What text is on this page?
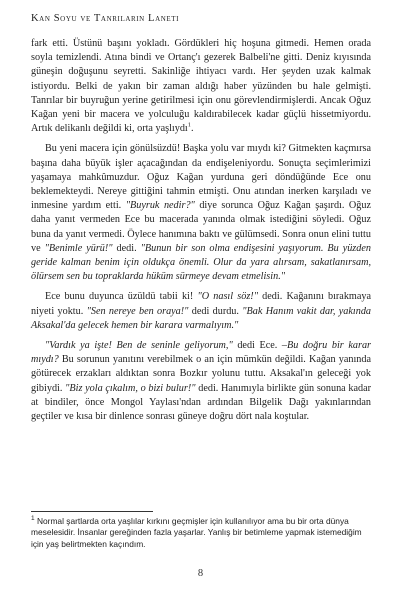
Kan Soyu ve Tanrıların Laneti

fark etti. Üstünü başını yokladı. Gördükleri hiç hoşuna gitmedi. Hemen orada soyla temizlendi. Atına bindi ve Ortanç'ı gezerek Balbeli'ne gitti. Deniz kıyısında güneşin doğuşunu seyretti. Sakinliğe ihtiyacı vardı. Her şeyden uzak kalmak istiyordu. Belki de yakın bir zaman aldığı haber yüzünden bu hale gelmişti. Tanrılar bir buyruğun yerine getirilmesi için onu görevlendirmişlerdi. Ancak Oğuz Kağan yeni bir macera ve yolculuğu kaldırabilecek kadar güçlü hissetmiyordu. Artık delikanlı değildi ki, orta yaşlıydı$^1$.

Bu yeni macera için gönülsüzdü! Başka yolu var mıydı ki? Gitmekten kaçmırsa başına daha büyük işler açacağından da endişeleniyordu. Sonuçta seçimlerimizi yaşamaya mahkûmuzdur. Oğuz Kağan yurduna geri döndüğünde Ece onu beklemekteydi. Nereye gittiğini tahmin etmişti. Onu atından inerken karşıladı ve inmesine yardım etti. "Buyruk nedir?" diye sorunca Oğuz Kağan şaşırdı. Oğuz daha yanıt vermeden Ece bu macerada yanında olmak istediğini söyledi. Oğuz buna da yanıt vermedi. Öylece hanımına baktı ve gülümsedi. Sonra onun elini tuttu ve "Benimle yürü!" dedi. "Bunun bir son olma endişesini yaşıyorum. Bu yüzden geride kalman benim için oldukça önemli. Olur da yara alırsam, sakatlanırsam, ölürsem sen bu topraklarda hüküm sürmeye devam etmelisin."

Ece bunu duyunca üzüldü tabii ki! "O nasıl söz!" dedi. Kağanını bırakmaya niyeti yoktu. "Sen nereye ben oraya!" dedi durdu. "Bak Hanım vakit dar, yakında Aksakal'da gelecek hemen bir karara varmalıyım."

"Vardık ya işte! Ben de seninle geliyorum," dedi Ece. –Bu doğru bir karar mıydı? Bu sorunun yanıtını verebilmek o an için mümkün değildi. Kağan yanında götürecek erzakları aldıktan sonra Bozkır yolunu tuttu. Aksakal'ın geleceği yok gibiydi. "Biz yola çıkalım, o bizi bulur!" dedi. Hanımıyla birlikte gün sonuna kadar at bindiler, önce Mongol Yaylası'ndan ardından Bilgelik Dağı yakınlarından geçtiler ve kısa bir dinlence sonrası güneye doğru dört nala koştular.

$^1$ Normal şartlarda orta yaşlılar kırkını geçmişler için kullanılıyor ama bu bir orta dünya meselesidir. İnsanlar gereğinden fazla yaşarlar. Yanlış bir betimleme yapmak istemediğim için yaş belirtmekten kaçındım.
8
